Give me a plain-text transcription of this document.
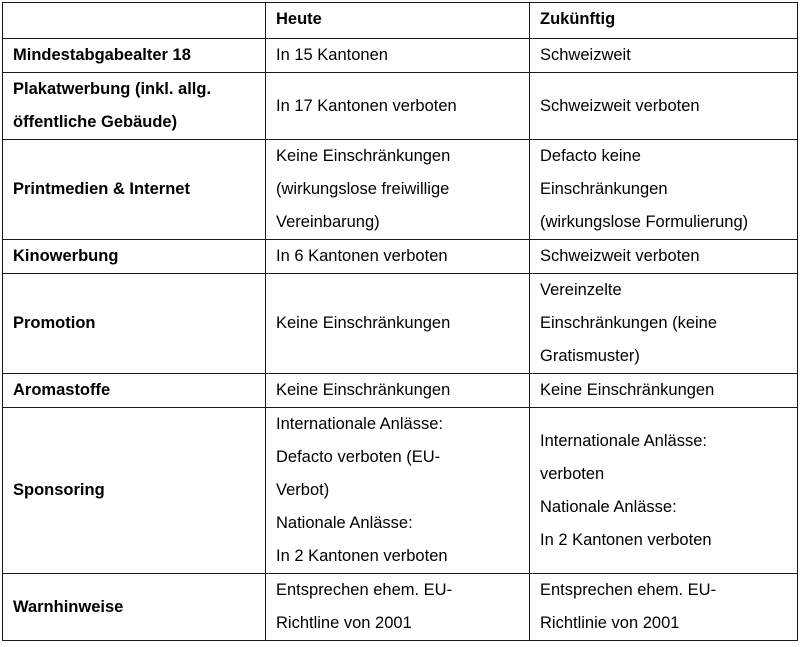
	Heute	Zukünftig

Mindestabgabealter 18	In 15 Kantonen	Schweizweit

Plakatwerbung (inkl. allg.
öffentliche Gebäude)	In 17 Kantonen verboten	Schweizweit verboten

Printmedien & Internet	Keine Einschränkungen
(wirkungslose freiwillige
Vereinbarung)	Defacto keine
Einschränkungen
(wirkungslose Formulierung)

Kinowerbung	In 6 Kantonen verboten	Schweizweit verboten

Promotion	Keine Einschränkungen	Vereinzelte
Einschränkungen (keine
Gratismuster)

Aromastoffe	Keine Einschränkungen	Keine Einschränkungen

Sponsoring	Internationale Anlässe:
Defacto verboten (EU-
Verbot)
Nationale Anlässe:
In 2 Kantonen verboten	Internationale Anlässe:
verboten
Nationale Anlässe:
In 2 Kantonen verboten

Warnhinweise	Entsprechen ehem. EU-
Richtline von 2001	Entsprechen ehem. EU-
Richtlinie von 2001
